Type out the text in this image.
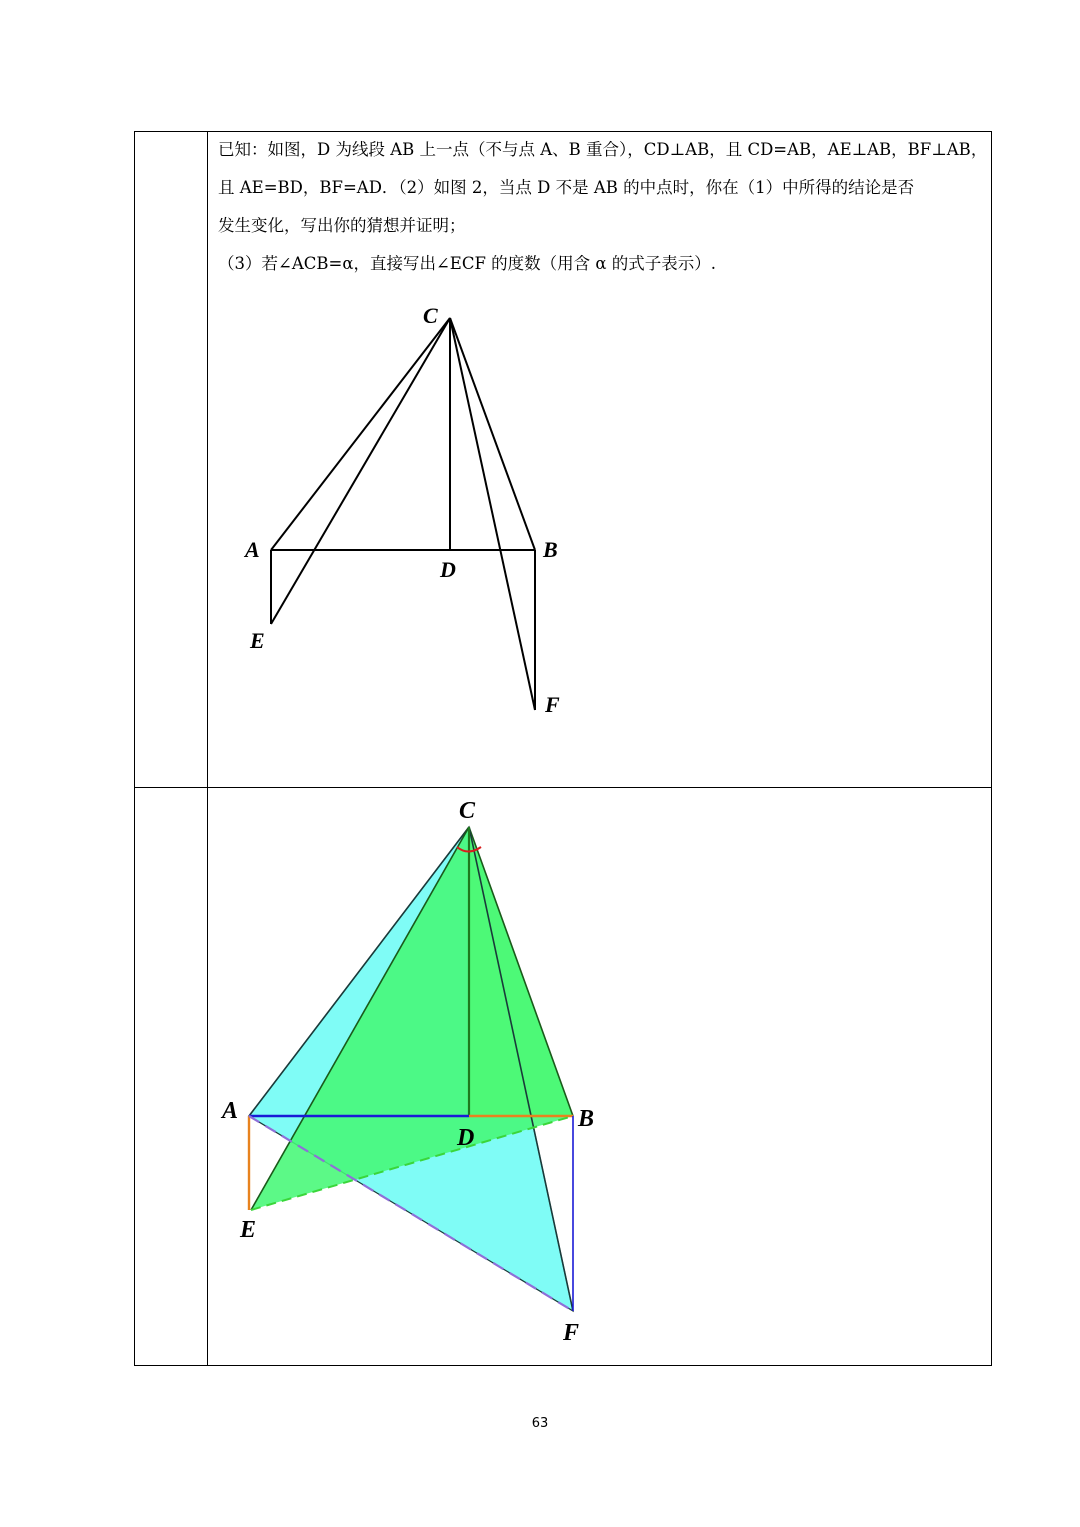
已知：如图，D 为线段 AB 上一点（不与点 A、B 重合），CD⊥AB，且 CD=AB，AE⊥AB，BF⊥AB，

且 AE=BD，BF=AD．（2）如图 2，当点 D 不是 AB 的中点时，你在（1）中所得的结论是否

发生变化，写出你的猜想并证明；

（3）若∠ACB=α，直接写出∠ECF 的度数（用含 α 的式子表示）.

C
A	B
D
E
F
C
A	B
D
E
F
63
